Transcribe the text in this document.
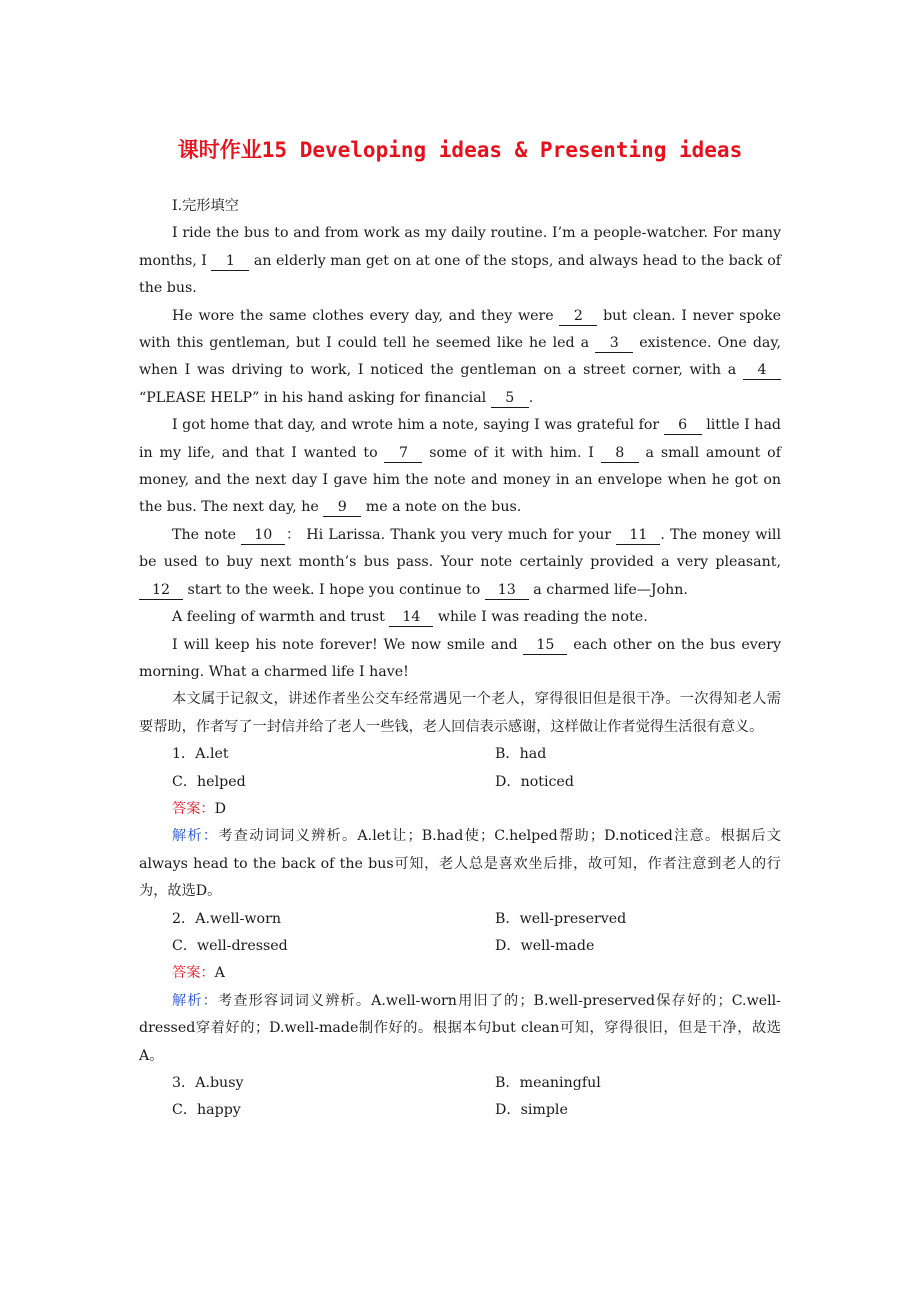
课时作业15 Developing ideas & Presenting ideas
Ⅰ.完形填空

I ride the bus to and from work as my daily routine. I’m a people-watcher. For many months, I 1 an elderly man get on at one of the stops, and always head to the back of the bus.

He wore the same clothes every day, and they were 2 but clean. I never spoke with this gentleman, but I could tell he seemed like he led a 3 existence. One day, when I was driving to work, I noticed the gentleman on a street corner, with a 4 “PLEASE HELP” in his hand asking for financial 5 .

I got home that day, and wrote him a note, saying I was grateful for 6 little I had in my life, and that I wanted to 7 some of it with him. I 8 a small amount of money, and the next day I gave him the note and money in an envelope when he got on the bus. The next day, he 9 me a note on the bus.

The note 10 ： Hi Larissa. Thank you very much for your 11 . The money will be used to buy next month’s bus pass. Your note certainly provided a very pleasant, 12 start to the week. I hope you continue to 13 a charmed life—John.

A feeling of warmth and trust 14 while I was reading the note.

I will keep his note forever! We now smile and 15 each other on the bus every morning. What a charmed life I have!

本文属于记叙文，讲述作者坐公交车经常遇见一个老人，穿得很旧但是很干净。一次得知老人需要帮助，作者写了一封信并给了老人一些钱，老人回信表示感谢，这样做让作者觉得生活很有意义。

1．A.let	B．had
C．helped	D．noticed

答案：D

解析：考查动词词义辨析。A.let让；B.had使；C.helped帮助；D.noticed注意。根据后文always head to the back of the bus可知，老人总是喜欢坐后排，故可知，作者注意到老人的行为，故选D。

2．A.well-worn	B．well-preserved
C．well-dressed	D．well-made

答案：A

解析：考查形容词词义辨析。A.well-worn用旧了的；B.well-preserved保存好的；C.well-dressed穿着好的；D.well-made制作好的。根据本句but clean可知，穿得很旧，但是干净，故选A。

3．A.busy	B．meaningful
C．happy	D．simple
